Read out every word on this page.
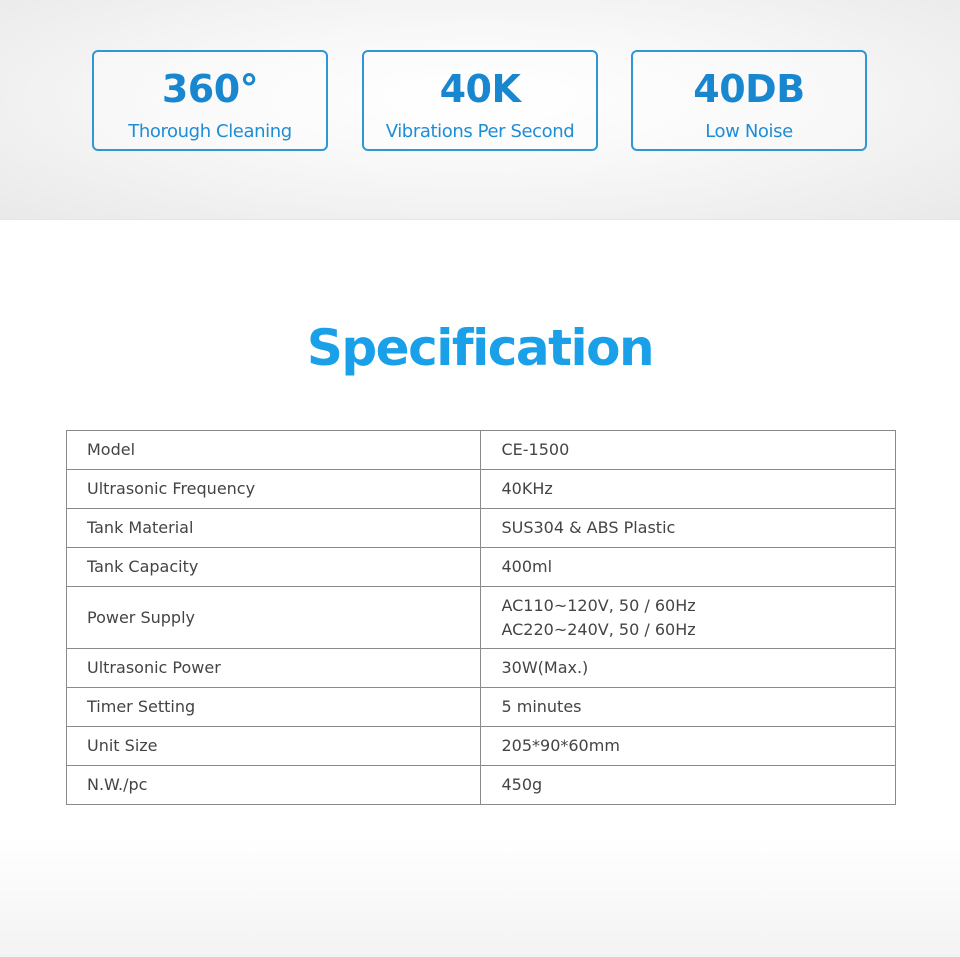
360°
Thorough Cleaning
40K
Vibrations Per Second
40DB
Low Noise
Specification
Model	CE-1500
Ultrasonic Frequency	40KHz
Tank Material	SUS304 & ABS Plastic
Tank Capacity	400ml
Power Supply	AC110~120V, 50 / 60Hz
AC220~240V, 50 / 60Hz

Ultrasonic Power	30W(Max.)
Timer Setting	5 minutes
Unit Size	205*90*60mm
N.W./pc	450g
